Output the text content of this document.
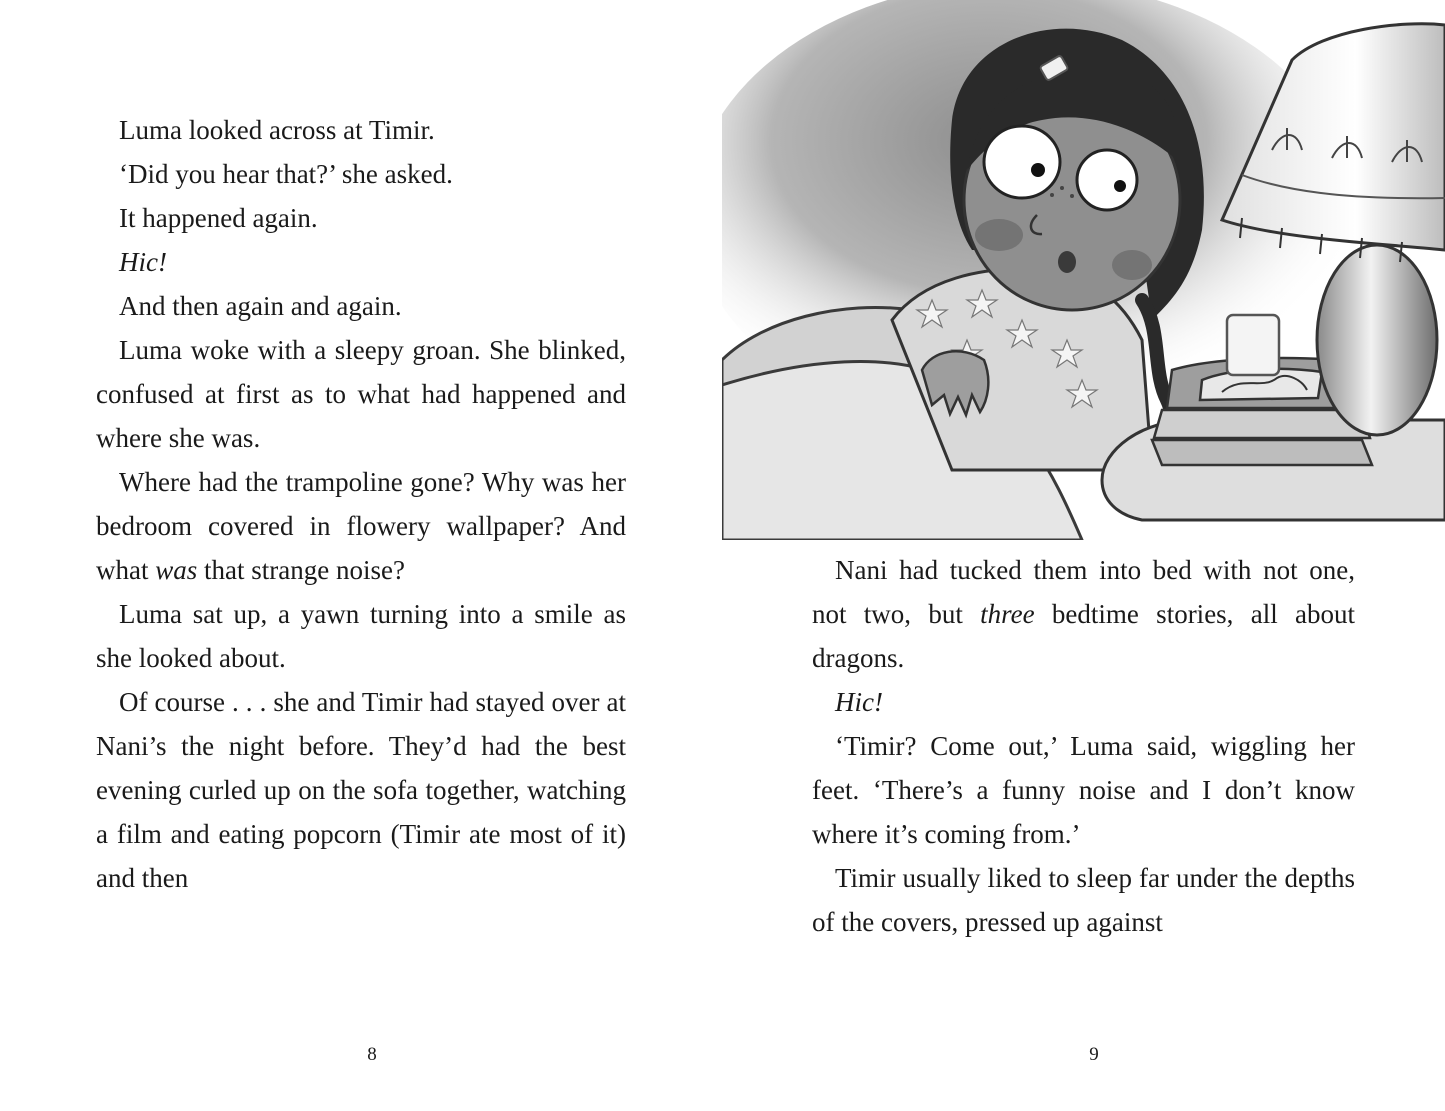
Luma looked across at Timir.

‘Did you hear that?’ she asked.

It happened again.

Hic!

And then again and again.

Luma woke with a sleepy groan. She blinked, confused at first as to what had happened and where she was.

Where had the trampoline gone? Why was her bedroom covered in flowery wallpaper? And what was that strange noise?

Luma sat up, a yawn turning into a smile as she looked about.

Of course . . . she and Timir had stayed over at Nani’s the night before. They’d had the best evening curled up on the sofa together, watching a film and eating popcorn (Timir ate most of it) and then

8

Nani had tucked them into bed with not one, not two, but three bedtime stories, all about dragons.

Hic!

‘Timir? Come out,’ Luma said, wiggling her feet. ‘There’s a funny noise and I don’t know where it’s coming from.’

Timir usually liked to sleep far under the depths of the covers, pressed up against

9
